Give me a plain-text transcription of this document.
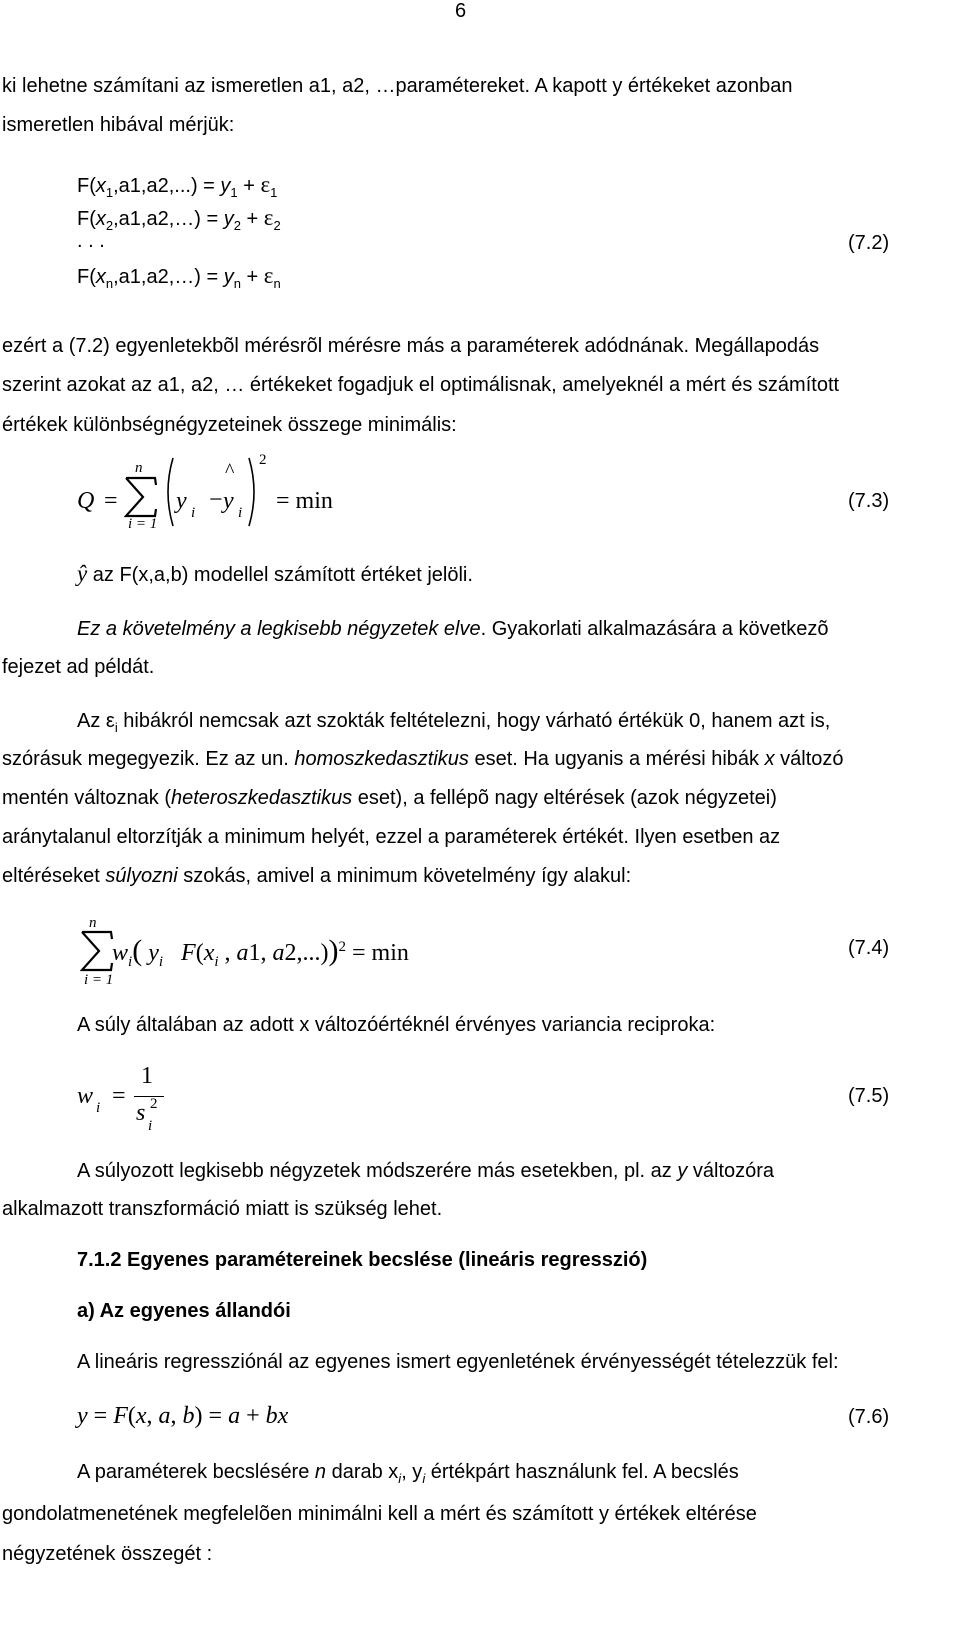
6
ki lehetne számítani az ismeretlen a1, a2, …paramétereket. A kapott y értékeket azonban
ismeretlen hibával mérjük:
$F(x_1,a1,a2,...) = y_1 + \varepsilon_1$
$F(x_2,a1,a2,\dots) = y_2 + \varepsilon_2$
. . .
$F(x_n,a1,a2,\dots) = y_n + \varepsilon_n$
(7.2)
ezért a (7.2) egyenletekbõl mérésrõl mérésre más a paraméterek adódnának. Megállapodás
szerint azokat az a1, a2, … értékeket fogadjuk el optimálisnak, amelyeknél a mért és számított
értékek különbségnégyzeteinek összege minimális:
Q =
n
i = 1
y i −
^
y i
2
= min	(7.3)
ŷ az F(x,a,b) modellel számított értéket jelöli.
Ez a követelmény a legkisebb négyzetek elve. Gyakorlati alkalmazására a következõ
fejezet ad példát.
Az $\varepsilon_i$ hibákról nemcsak azt szokták feltételezni, hogy várható értékük 0, hanem azt is,
szórásuk megegyezik. Ez az un. homoszkedasztikus eset. Ha ugyanis a mérési hibák x változó
mentén változnak (heteroszkedasztikus eset), a fellépõ nagy eltérések (azok négyzetei)
aránytalanul eltorzítják a minimum helyét, ezzel a paraméterek értékét. Ilyen esetben az
eltéréseket súlyozni szokás, amivel a minimum követelmény így alakul:
n
i = 1
$w_i$( $y_i$ $F(x_i$ , a1, a2,...))$^2$ = min	(7.4)
A súly általában az adott x változóértéknél érvényes variancia reciproka:
w i =
1
s i
2	(7.5)
A súlyozott legkisebb négyzetek módszerére más esetekben, pl. az y változóra
alkalmazott transzformáció miatt is szükség lehet.
7.1.2 Egyenes paramétereinek becslése (lineáris regresszió)
a) Az egyenes állandói
A lineáris regressziónál az egyenes ismert egyenletének érvényességét tételezzük fel:
y = F(x, a, b) = a + bx	(7.6)
A paraméterek becslésére n darab $x_i$, $y_i$ értékpárt használunk fel. A becslés
gondolatmenetének megfelelõen minimálni kell a mért és számított y értékek eltérése
négyzetének összegét :
